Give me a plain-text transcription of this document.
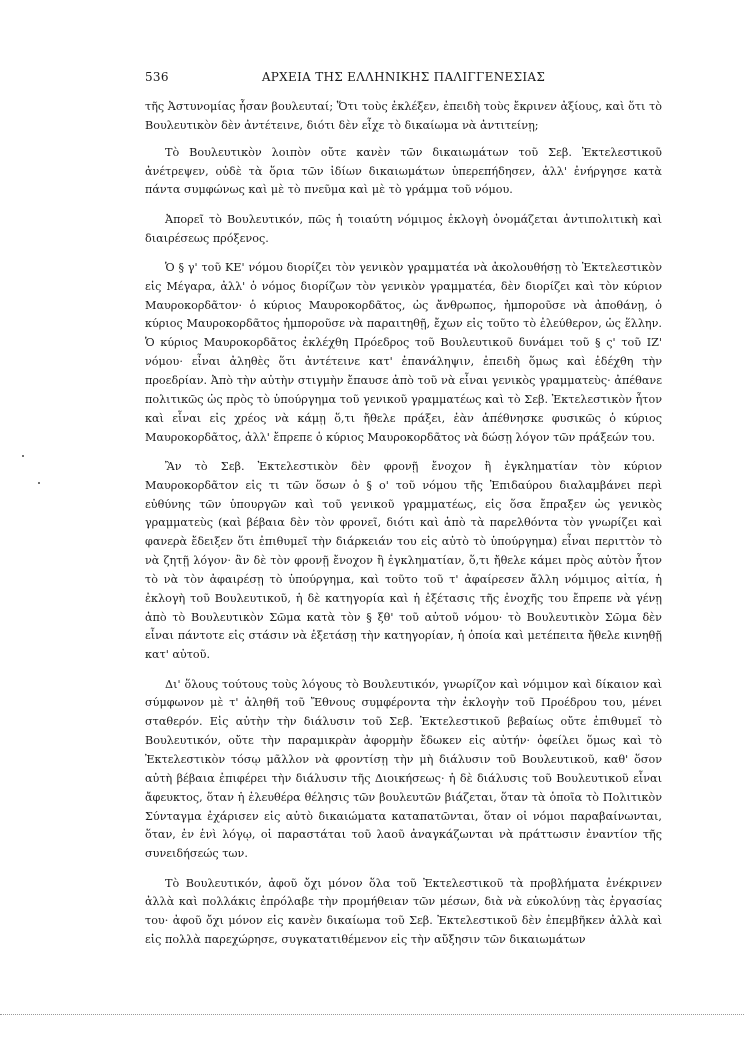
536	ΑΡΧΕΙΑ ΤΗΣ ΕΛΛΗΝΙΚΗΣ ΠΑΛΙΓΓΕΝΕΣΙΑΣ

τῆς Ἀστυνομίας ἦσαν βουλευταί; Ὅτι τοὺς ἐκλέξεν, ἐπειδὴ τοὺς ἔκρινεν ἀξίους, καὶ ὅτι τὸ Βουλευτικὸν δὲν ἀντέτεινε, διότι δὲν εἶχε τὸ δικαίωμα νὰ ἀντιτείνῃ;

Τὸ Βουλευτικὸν λοιπὸν οὔτε κανὲν τῶν δικαιωμάτων τοῦ Σεβ. Ἐκτελεστικοῦ ἀνέτρεψεν, οὐδὲ τὰ ὅρια τῶν ἰδίων δικαιωμάτων ὑπερεπήδησεν, ἀλλ' ἐνήργησε κατὰ πάντα συμφώνως καὶ μὲ τὸ πνεῦμα καὶ μὲ τὸ γράμμα τοῦ νόμου.

Ἀπορεῖ τὸ Βουλευτικόν, πῶς ἡ τοιαύτη νόμιμος ἐκλογὴ ὀνομάζεται ἀντιπολιτικὴ καὶ διαιρέσεως πρόξενος.

Ὁ § γ' τοῦ ΚΕ' νόμου διορίζει τὸν γενικὸν γραμματέα νὰ ἀκολουθήσῃ τὸ Ἐκτελεστικὸν εἰς Μέγαρα, ἀλλ' ὁ νόμος διορίζων τὸν γενικὸν γραμματέα, δὲν διορίζει καὶ τὸν κύριον Μαυροκορδᾶτον· ὁ κύριος Μαυροκορδᾶτος, ὡς ἄνθρωπος, ἠμποροῦσε νὰ ἀποθάνῃ, ὁ κύριος Μαυροκορδᾶτος ἠμποροῦσε νὰ παραιτηθῇ, ἔχων εἰς τοῦτο τὸ ἐλεύθερον, ὡς ἕλλην. Ὁ κύριος Μαυροκορδᾶτος ἐκλέχθη Πρόεδρος τοῦ Βουλευτικοῦ δυνάμει τοῦ § ς' τοῦ ΙΖ' νόμου· εἶναι ἀληθὲς ὅτι ἀντέτεινε κατ' ἐπανάληψιν, ἐπειδὴ ὅμως καὶ ἐδέχθη τὴν προεδρίαν. Ἀπὸ τὴν αὐτὴν στιγμὴν ἔπαυσε ἀπὸ τοῦ νὰ εἶναι γενικὸς γραμματεὺς· ἀπέθανε πολιτικῶς ὡς πρὸς τὸ ὑπούργημα τοῦ γενικοῦ γραμματέως καὶ τὸ Σεβ. Ἐκτελεστικὸν ἦτον καὶ εἶναι εἰς χρέος νὰ κάμῃ ὅ,τι ἤθελε πράξει, ἐὰν ἀπέθνησκε φυσικῶς ὁ κύριος Μαυροκορδᾶτος, ἀλλ' ἔπρεπε ὁ κύριος Μαυροκορδᾶτος νὰ δώσῃ λόγον τῶν πράξεών του.

Ἂν τὸ Σεβ. Ἐκτελεστικὸν δὲν φρονῇ ἔνοχον ἢ ἐγκληματίαν τὸν κύριον Μαυροκορδᾶτον εἰς τι τῶν ὅσων ὁ § ο' τοῦ νόμου τῆς Ἐπιδαύρου διαλαμβάνει περὶ εὐθύνης τῶν ὑπουργῶν καὶ τοῦ γενικοῦ γραμματέως, εἰς ὅσα ἔπραξεν ὡς γενικὸς γραμματεὺς (καὶ βέβαια δὲν τὸν φρονεῖ, διότι καὶ ἀπὸ τὰ παρελθόντα τὸν γνωρίζει καὶ φανερὰ ἔδειξεν ὅτι ἐπιθυμεῖ τὴν διάρκειάν του εἰς αὐτὸ τὸ ὑπούργημα) εἶναι περιττὸν τὸ νὰ ζητῇ λόγον· ἂν δὲ τὸν φρονῇ ἔνοχον ἢ ἐγκληματίαν, ὅ,τι ἤθελε κάμει πρὸς αὐτὸν ἦτον τὸ νὰ τὸν ἀφαιρέσῃ τὸ ὑπούργημα, καὶ τοῦτο τοῦ τ' ἀφαίρεσεν ἄλλη νόμιμος αἰτία, ἡ ἐκλογὴ τοῦ Βουλευτικοῦ, ἡ δὲ κατηγορία καὶ ἡ ἐξέτασις τῆς ἐνοχῆς του ἔπρεπε νὰ γένῃ ἀπὸ τὸ Βουλευτικὸν Σῶμα κατὰ τὸν § ξθ' τοῦ αὐτοῦ νόμου· τὸ Βουλευτικὸν Σῶμα δὲν εἶναι πάντοτε εἰς στάσιν νὰ ἐξετάσῃ τὴν κατηγορίαν, ἡ ὁποία καὶ μετέπειτα ἤθελε κινηθῇ κατ' αὐτοῦ.

Δι' ὅλους τούτους τοὺς λόγους τὸ Βουλευτικόν, γνωρίζον καὶ νόμιμον καὶ δίκαιον καὶ σύμφωνον μὲ τ' ἀληθῆ τοῦ Ἔθνους συμφέροντα τὴν ἐκλογὴν τοῦ Προέδρου του, μένει σταθερόν. Εἰς αὐτὴν τὴν διάλυσιν τοῦ Σεβ. Ἐκτελεστικοῦ βεβαίως οὔτε ἐπιθυμεῖ τὸ Βουλευτικόν, οὔτε τὴν παραμικρὰν ἀφορμὴν ἔδωκεν εἰς αὐτήν· ὀφείλει ὅμως καὶ τὸ Ἐκτελεστικὸν τόσῳ μᾶλλον νὰ φροντίσῃ τὴν μὴ διάλυσιν τοῦ Βουλευτικοῦ, καθ' ὅσον αὐτὴ βέβαια ἐπιφέρει τὴν διάλυσιν τῆς Διοικήσεως· ἡ δὲ διάλυσις τοῦ Βουλευτικοῦ εἶναι ἄφευκτος, ὅταν ἡ ἐλευθέρα θέλησις τῶν βουλευτῶν βιάζεται, ὅταν τὰ ὁποῖα τὸ Πολιτικὸν Σύνταγμα ἐχάρισεν εἰς αὐτὸ δικαιώματα καταπατῶνται, ὅταν οἱ νόμοι παραβαίνωνται, ὅταν, ἐν ἑνὶ λόγῳ, οἱ παραστάται τοῦ λαοῦ ἀναγκάζωνται νὰ πράττωσιν ἐναντίον τῆς συνειδήσεώς των.

Τὸ Βουλευτικόν, ἀφοῦ ὄχι μόνον ὅλα τοῦ Ἐκτελεστικοῦ τὰ προβλήματα ἐνέκρινεν ἀλλὰ καὶ πολλάκις ἐπρόλαβε τὴν προμήθειαν τῶν μέσων, διὰ νὰ εὐκολύνῃ τὰς ἐργασίας του· ἀφοῦ ὄχι μόνον εἰς κανὲν δικαίωμα τοῦ Σεβ. Ἐκτελεστικοῦ δὲν ἐπεμβῆκεν ἀλλὰ καὶ εἰς πολλὰ παρεχώρησε, συγκατατιθέμενον εἰς τὴν αὔξησιν τῶν δικαιωμάτων
